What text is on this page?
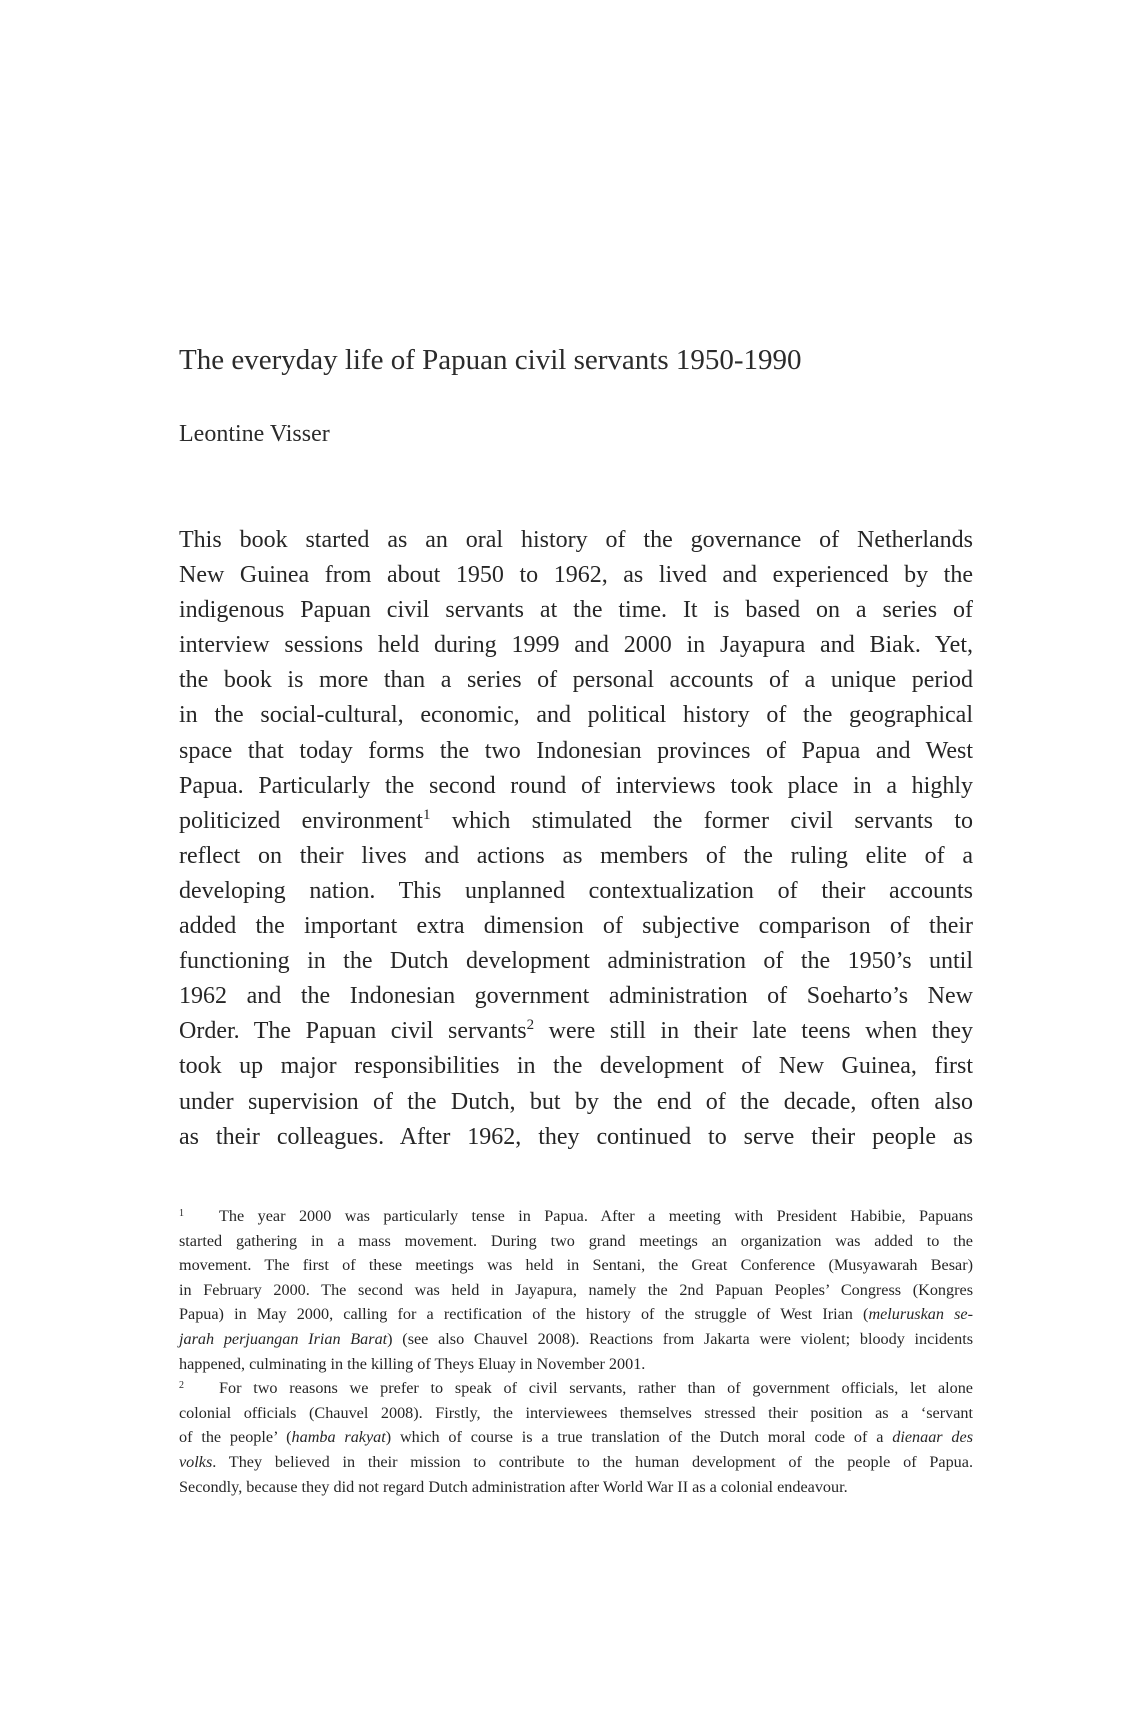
The everyday life of Papuan civil servants 1950-1990

Leontine Visser

This book started as an oral history of the governance of Netherlands
New Guinea from about 1950 to 1962, as lived and experienced by the
indigenous Papuan civil servants at the time. It is based on a series of
interview sessions held during 1999 and 2000 in Jayapura and Biak. Yet,
the book is more than a series of personal accounts of a unique period
in the social-cultural, economic, and political history of the geographical
space that today forms the two Indonesian provinces of Papua and West
Papua. Particularly the second round of interviews took place in a highly
politicized environment$^1$ which stimulated the former civil servants to
reflect on their lives and actions as members of the ruling elite of a
developing nation. This unplanned contextualization of their accounts
added the important extra dimension of subjective comparison of their
functioning in the Dutch development administration of the 1950’s until
1962 and the Indonesian government administration of Soeharto’s New
Order. The Papuan civil servants$^2$ were still in their late teens when they
took up major responsibilities in the development of New Guinea, first
under supervision of the Dutch, but by the end of the decade, often also
as their colleagues. After 1962, they continued to serve their people as
1 The year 2000 was particularly tense in Papua. After a meeting with President Habibie, Papuans
started gathering in a mass movement. During two grand meetings an organization was added to the
movement. The first of these meetings was held in Sentani, the Great Conference (Musyawarah Besar)
in February 2000. The second was held in Jayapura, namely the 2nd Papuan Peoples’ Congress (Kongres
Papua) in May 2000, calling for a rectification of the history of the struggle of West Irian (meluruskan se-
jarah perjuangan Irian Barat) (see also Chauvel 2008). Reactions from Jakarta were violent; bloody incidents
happened, culminating in the killing of Theys Eluay in November 2001.
2 For two reasons we prefer to speak of civil servants, rather than of government officials, let alone
colonial officials (Chauvel 2008). Firstly, the interviewees themselves stressed their position as a ‘servant
of the people’ (hamba rakyat) which of course is a true translation of the Dutch moral code of a dienaar des
volks. They believed in their mission to contribute to the human development of the people of Papua.
Secondly, because they did not regard Dutch administration after World War II as a colonial endeavour.
